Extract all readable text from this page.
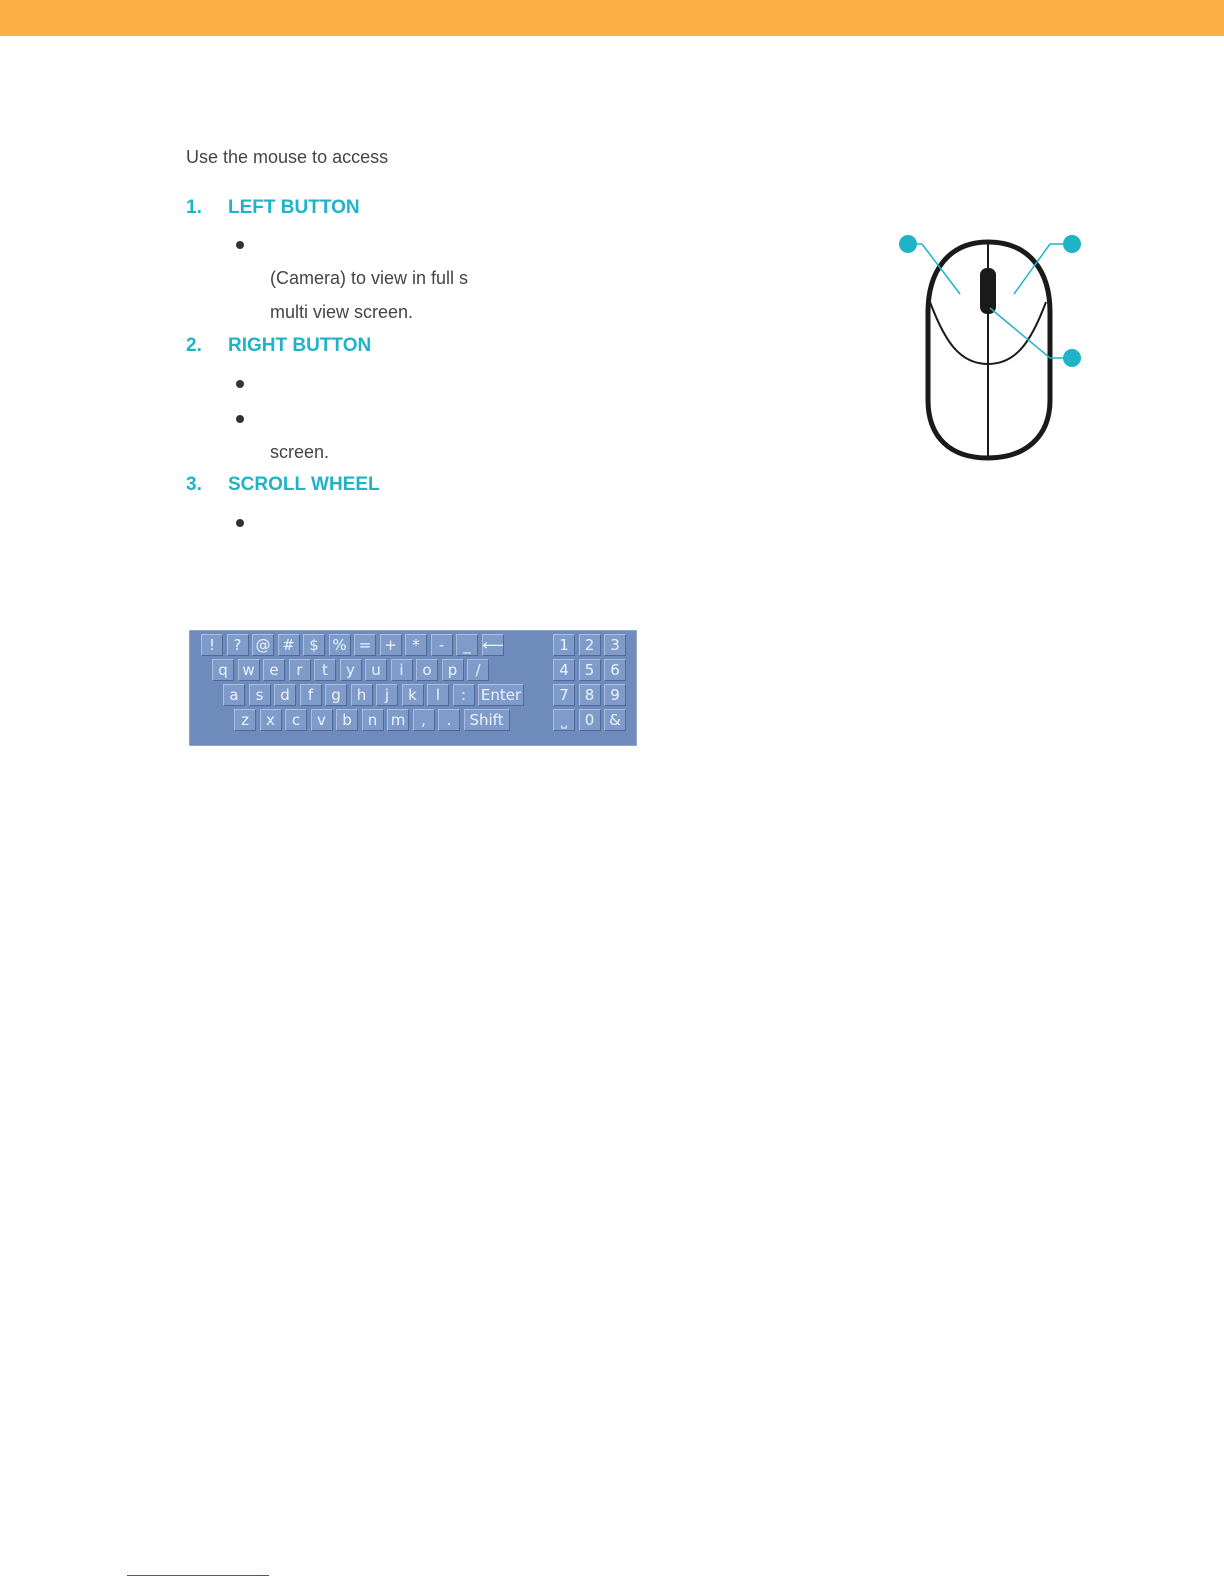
Use the mouse to access
1. LEFT BUTTON
(Camera) to view in full s
multi view screen.
2. RIGHT BUTTON
screen.
3. SCROLL WHEEL
!	? @ # $ % = +	*	-	_ ⟵
q w e	r	t	y	u	i	o	p	/
a	s	d	f	g	h	j	k	l	: Enter
z	x	c	v	b	n m	,	.	Shift
1	2	3
4	5	6
7	8	9
⎵	0 &
